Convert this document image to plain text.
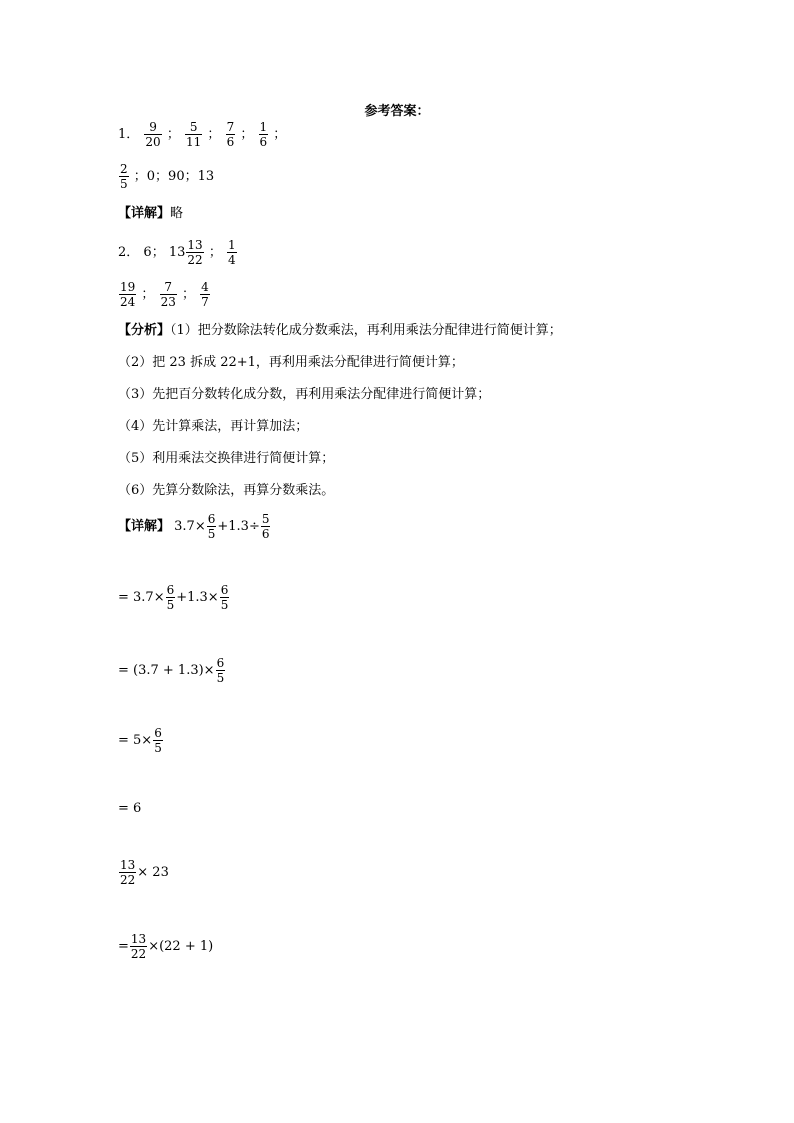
参考答案：
1． $\frac{9}{20}$ ； $\frac{5}{11}$ ； $\frac{7}{6}$ ； $\frac{1}{6}$ ；
$\frac{2}{5}$ ；0；90；13
【详解】略
2． 6； $13 \frac{13}{22}$ ； $\frac{1}{4}$
$\frac{19}{24}$ ； $\frac{7}{23}$ ； $\frac{4}{7}$
【分析】（1）把分数除法转化成分数乘法，再利用乘法分配律进行简便计算；
（2）把 23 拆成 22+1，再利用乘法分配律进行简便计算；
（3）先把百分数转化成分数，再利用乘法分配律进行简便计算；
（4）先计算乘法，再计算加法；
（5）利用乘法交换律进行简便计算；
（6）先算分数除法，再算分数乘法。
【详解】 $3.7\times \frac{6}{5} +1.3\div \frac{5}{6}$
= $3.7\times \frac{6}{5} +1.3\times \frac{6}{5}$
= $(3.7 + 1.3)\times \frac{6}{5}$
= $5\times \frac{6}{5}$
= 6
$\frac{13}{22} \times 23$
= $\frac{13}{22} \times(22 + 1)$
